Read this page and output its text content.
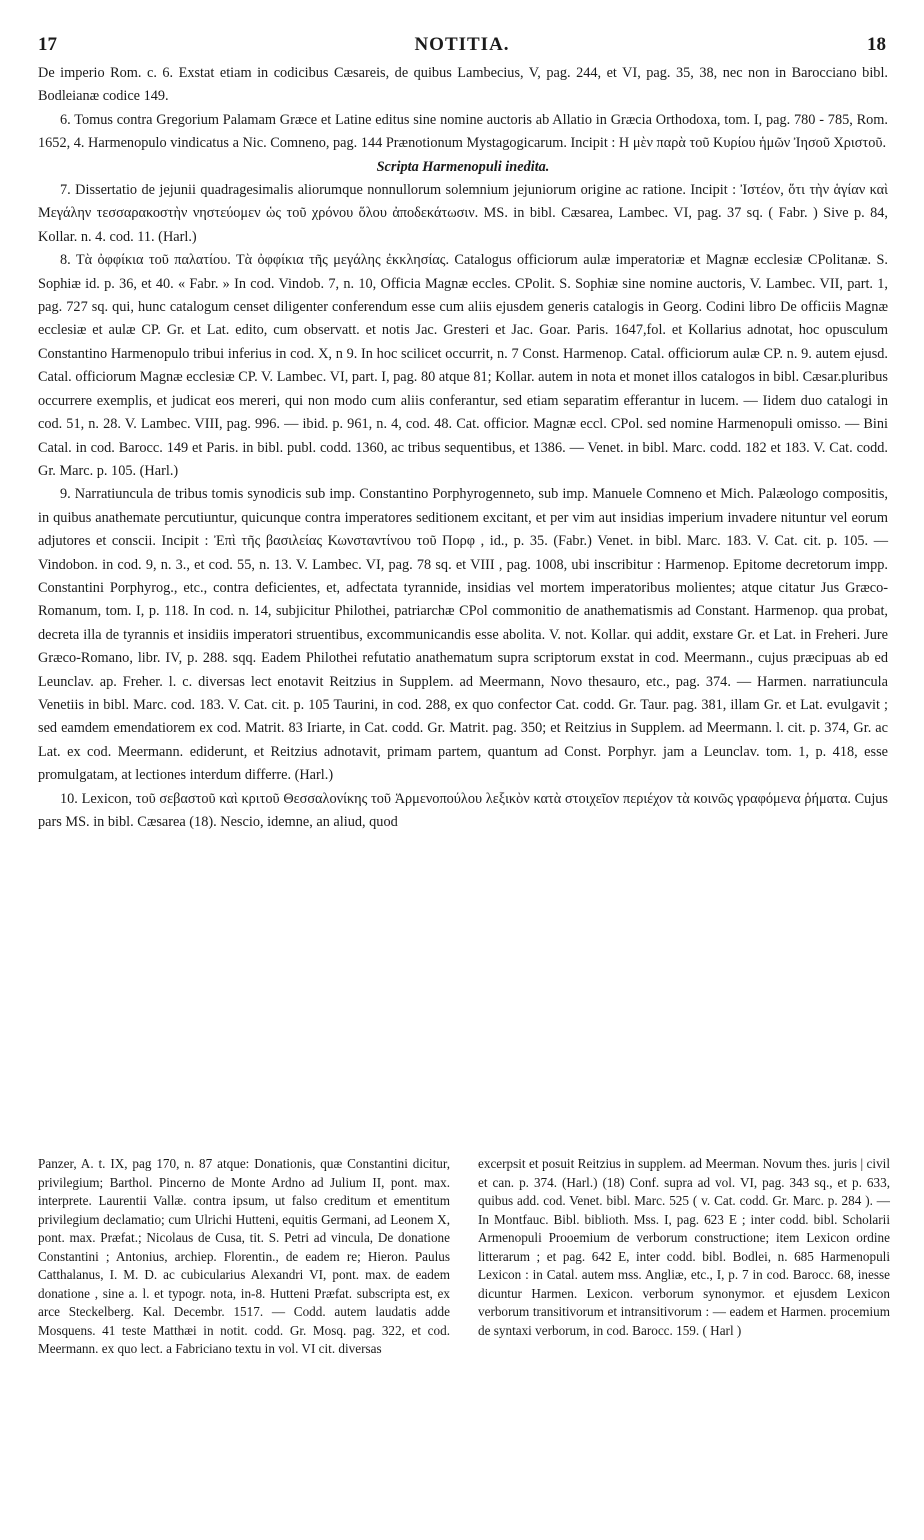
17	NOTITIA.	18

De imperio Rom. c. 6. Exstat etiam in codicibus Cæsareis, de quibus Lambecius, V, pag. 244, et VI, pag. 35, 38, nec non in Barocciano bibl. Bodleianæ codice 149.

6. Tomus contra Gregorium Palamam Græce et Latine editus sine nomine auctoris ab Allatio in Græcia Orthodoxa, tom. I, pag. 780 - 785, Rom. 1652, 4. Harmenopulo vindicatus a Nic. Comneno, pag. 144 Prænotionum Mystagogicarum. Incipit : Η μὲν παρὰ τοῦ Κυρίου ἡμῶν Ἰησοῦ Χριστοῦ.

Scripta Harmenopuli inedita.

7. Dissertatio de jejunii quadragesimalis aliorumque nonnullorum solemnium jejuniorum origine ac ratione. Incipit : Ἰστέον, ὅτι τὴν ἁγίαν καὶ Μεγάλην τεσσαρακοστὴν νηστεύομεν ὡς τοῦ χρόνου ὅλου ἀποδεκάτωσιν. MS. in bibl. Cæsarea, Lambec. VI, pag. 37 sq. ( Fabr. ) Sive p. 84, Kollar. n. 4. cod. 11. (Harl.)

8. Τὰ ὀφφίκια τοῦ παλατίου. Τὰ ὀφφίκια τῆς μεγάλης ἐκκλησίας. Catalogus officiorum aulæ imperatoriæ et Magnæ ecclesiæ CPolitanæ. S. Sophiæ id. p. 36, et 40. « Fabr. » In cod. Vindob. 7, n. 10, Officia Magnæ eccles. CPolit. S. Sophiæ sine nomine auctoris, V. Lambec. VII, part. 1, pag. 727 sq. qui, hunc catalogum censet diligenter conferendum esse cum aliis ejusdem generis catalogis in Georg. Codini libro De officiis Magnæ ecclesiæ et aulæ CP. Gr. et Lat. edito, cum observatt. et notis Jac. Gresteri et Jac. Goar. Paris. 1647,fol. et Kollarius adnotat, hoc opusculum Constantino Harmenopulo tribui inferius in cod. X, n 9. In hoc scilicet occurrit, n. 7 Const. Harmenop. Catal. officiorum aulæ CP. n. 9. autem ejusd. Catal. officiorum Magnæ ecclesiæ CP. V. Lambec. VI, part. I, pag. 80 atque 81; Kollar. autem in nota et monet illos catalogos in bibl. Cæsar.pluribus occurrere exemplis, et judicat eos mereri, qui non modo cum aliis conferantur, sed etiam separatim efferantur in lucem. — Iidem duo catalogi in cod. 51, n. 28. V. Lambec. VIII, pag. 996. — ibid. p. 961, n. 4, cod. 48. Cat. officior. Magnæ eccl. CPol. sed nomine Harmenopuli omisso. — Bini Catal. in cod. Barocc. 149 et Paris. in bibl. publ. codd. 1360, ac tribus sequentibus, et 1386. — Venet. in bibl. Marc. codd. 182 et 183. V. Cat. codd. Gr. Marc. p. 105. (Harl.)

9. Narratiuncula de tribus tomis synodicis sub imp. Constantino Porphyrogenneto, sub imp. Manuele Comneno et Mich. Palæologo compositis, in quibus anathemate percutiuntur, quicunque contra imperatores seditionem excitant, et per vim aut insidias imperium invadere nituntur vel eorum adjutores et conscii. Incipit : Ἐπὶ τῆς βασιλείας Κωνσταντίνου τοῦ Πορφ , id., p. 35. (Fabr.) Venet. in bibl. Marc. 183. V. Cat. cit. p. 105. — Vindobon. in cod. 9, n. 3., et cod. 55, n. 13. V. Lambec. VI, pag. 78 sq. et VIII , pag. 1008, ubi inscribitur : Harmenop. Epitome decretorum impp. Constantini Porphyrog., etc., contra deficientes, et, adfectata tyrannide, insidias vel mortem imperatoribus molientes; atque citatur Jus Græco-Romanum, tom. I, p. 118. In cod. n. 14, subjicitur Philothei, patriarchæ CPol commonitio de anathematismis ad Constant. Harmenop. qua probat, decreta illa de tyrannis et insidiis imperatori struentibus, excommunicandis esse abolita. V. not. Kollar. qui addit, exstare Gr. et Lat. in Freheri. Jure Græco-Romano, libr. IV, p. 288. sqq. Eadem Philothei refutatio anathematum supra scriptorum exstat in cod. Meermann., cujus præcipuas ab ed Leunclav. ap. Freher. l. c. diversas lect enotavit Reitzius in Supplem. ad Meermann, Novo thesauro, etc., pag. 374. — Harmen. narratiuncula Venetiis in bibl. Marc. cod. 183. V. Cat. cit. p. 105 Taurini, in cod. 288, ex quo confector Cat. codd. Gr. Taur. pag. 381, illam Gr. et Lat. evulgavit ; sed eamdem emendatiorem ex cod. Matrit. 83 Iriarte, in Cat. codd. Gr. Matrit. pag. 350; et Reitzius in Supplem. ad Meermann. l. cit. p. 374, Gr. ac Lat. ex cod. Meermann. ediderunt, et Reitzius adnotavit, primam partem, quantum ad Const. Porphyr. jam a Leunclav. tom. 1, p. 418, esse promulgatam, at lectiones interdum differre. (Harl.)

10. Lexicon, τοῦ σεβαστοῦ καὶ κριτοῦ Θεσσαλονίκης τοῦ Ἁρμενοπούλου λεξικὸν κατὰ στοιχεῖον περιέχον τὰ κοινῶς γραφόμενα ῥήματα. Cujus pars MS. in bibl. Cæsarea (18). Nescio, idemne, an aliud, quod

Panzer, A. t. IX, pag 170, n. 87 atque: Donationis, quæ Constantini dicitur, privilegium; Barthol. Pincerno de Monte Ardno ad Julium II, pont. max. interprete. Laurentii Vallæ. contra ipsum, ut falso creditum et ementitum privilegium declamatio; cum Ulrichi Hutteni, equitis Germani, ad Leonem X, pont. max. Præfat.; Nicolaus de Cusa, tit. S. Petri ad vincula, De donatione Constantini ; Antonius, archiep. Florentin., de eadem re; Hieron. Paulus Catthalanus, I. M. D. ac cubicularius Alexandri VI, pont. max. de eadem donatione , sine a. l. et typogr. nota, in-8. Hutteni Præfat. subscripta est, ex arce Steckelberg. Kal. Decembr. 1517. — Codd. autem laudatis adde Mosquens. 41 teste Matthæi in notit. codd. Gr. Mosq. pag. 322, et cod. Meermann. ex quo lect. a Fabriciano textu in vol. VI cit. diversas

excerpsit et posuit Reitzius in supplem. ad Meerman. Novum thes. juris | civil et can. p. 374. (Harl.) (18) Conf. supra ad vol. VI, pag. 343 sq., et p. 633, quibus add. cod. Venet. bibl. Marc. 525 ( v. Cat. codd. Gr. Marc. p. 284 ). — In Montfauc. Bibl. biblioth. Mss. I, pag. 623 E ; inter codd. bibl. Scholarii Armenopuli Prooemium de verborum constructione; item Lexicon ordine litterarum ; et pag. 642 E, inter codd. bibl. Bodlei, n. 685 Harmenopuli Lexicon : in Catal. autem mss. Angliæ, etc., I, p. 7 in cod. Barocc. 68, inesse dicuntur Harmen. Lexicon. verborum synonymor. et ejusdem Lexicon verborum transitivorum et intransitivorum : — eadem et Harmen. procemium de syntaxi verborum, in cod. Barocc. 159. ( Harl )
